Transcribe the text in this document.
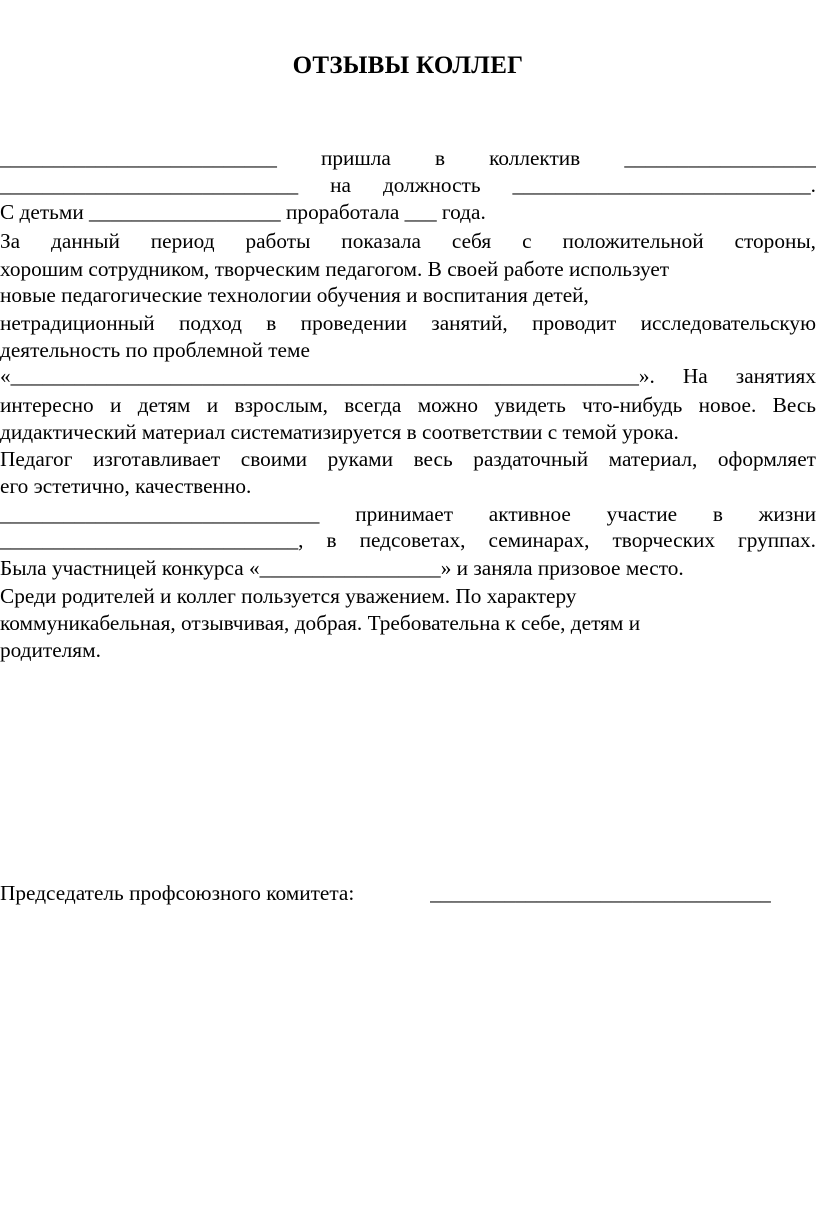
ОТЗЫВЫ КОЛЛЕГ
__________________________ пришла в коллектив __________________
____________________________ на должность ____________________________.
С детьми __________________ проработала ___ года.
За данный период работы показала себя с положительной стороны,
хорошим сотрудником, творческим педагогом. В своей работе использует
новые педагогические технологии обучения и воспитания детей,
нетрадиционный подход в проведении занятий, проводит исследовательскую
деятельность по проблемной теме
«___________________________________________________________». На занятиях
интересно и детям и взрослым, всегда можно увидеть что-нибудь новое. Весь
дидактический материал систематизируется в соответствии с темой урока.
Педагог изготавливает своими руками весь раздаточный материал, оформляет
его эстетично, качественно.
______________________________ принимает активное участие в жизни
____________________________, в педсоветах, семинарах, творческих группах.
Была участницей конкурса «_________________» и заняла призовое место.
Среди родителей и коллег пользуется уважением. По характеру
коммуникабельная, отзывчивая, добрая. Требовательна к себе, детям и
родителям.
Председатель профсоюзного комитета:	________________________________
